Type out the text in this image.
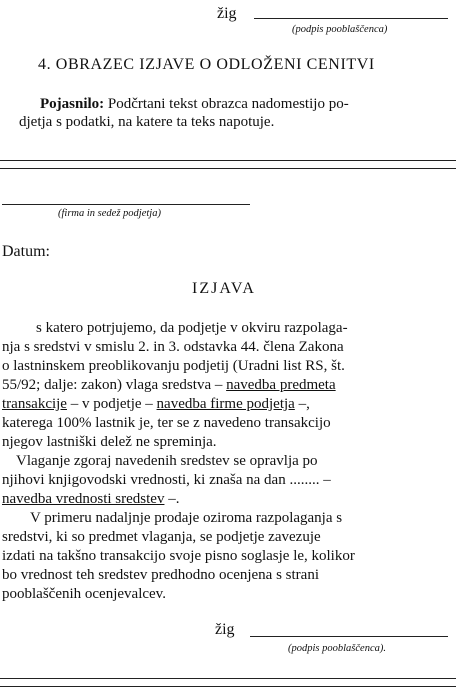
žig
(podpis pooblaščenca)
4. OBRAZEC IZJAVE O ODLOŽENI CENITVI
Pojasnilo: Podčrtani tekst obrazca nadomestijo po-
djetja s podatki, na katere ta teks napotuje.
(firma in sedež podjetja)
Datum:
IZJAVA
s katero potrjujemo, da podjetje v okviru razpolaga-
nja s sredstvi v smislu 2. in 3. odstavka 44. člena Zakona
o lastninskem preoblikovanju podjetij (Uradni list RS, št.
55/92; dalje: zakon) vlaga sredstva – navedba predmeta
transakcije – v podjetje – navedba firme podjetja –,
katerega 100% lastnik je, ter se z navedeno transakcijo
njegov lastniški delež ne spreminja.
Vlaganje zgoraj navedenih sredstev se opravlja po
njihovi knjigovodski vrednosti, ki znaša na dan ........ –
navedba vrednosti sredstev –.
V primeru nadaljnje prodaje oziroma razpolaganja s
sredstvi, ki so predmet vlaganja, se podjetje zavezuje
izdati na takšno transakcijo svoje pisno soglasje le, kolikor
bo vrednost teh sredstev predhodno ocenjena s strani
pooblaščenih ocenjevalcev.
žig
(podpis pooblaščenca).
